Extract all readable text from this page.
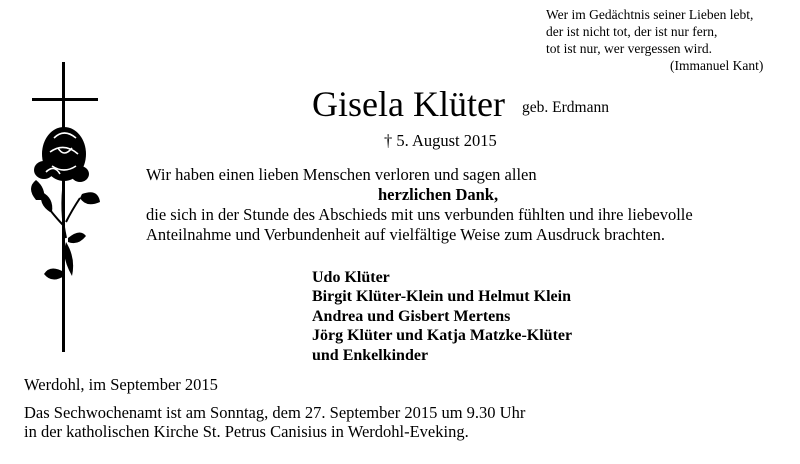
Wer im Gedächtnis seiner Lieben lebt,
der ist nicht tot, der ist nur fern,
tot ist nur, wer vergessen wird.
(Immanuel Kant)
Gisela Klüter geb. Erdmann
† 5. August 2015
Wir haben einen lieben Menschen verloren und sagen allen
herzlichen Dank,
die sich in der Stunde des Abschieds mit uns verbunden fühlten und ihre liebevolle
Anteilnahme und Verbundenheit auf vielfältige Weise zum Ausdruck brachten.
Udo Klüter
Birgit Klüter-Klein und Helmut Klein
Andrea und Gisbert Mertens
Jörg Klüter und Katja Matzke-Klüter
und Enkelkinder
Werdohl, im September 2015
Das Sechwochenamt ist am Sonntag, dem 27. September 2015 um 9.30 Uhr
in der katholischen Kirche St. Petrus Canisius in Werdohl-Eveking.
